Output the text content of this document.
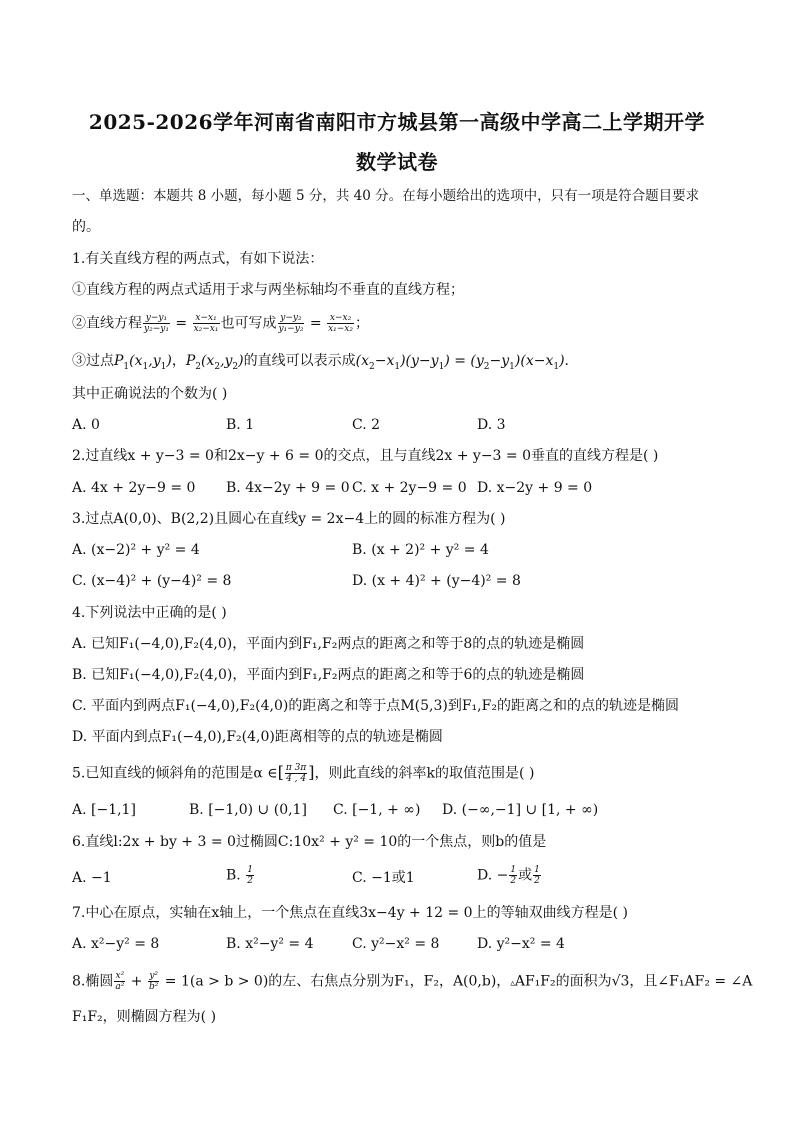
2025-2026学年河南省南阳市方城县第一高级中学高二上学期开学
数学试卷
一、单选题：本题共 8 小题，每小题 5 分，共 40 分。在每小题给出的选项中，只有一项是符合题目要求
的。
1.有关直线方程的两点式，有如下说法：
①直线方程的两点式适用于求与两坐标轴均不垂直的直线方程；
②直线方程 $\frac{\text{y−y₁}}{\text{y₂−y₁}} = \frac{\text{x−x₁}}{\text{x₂−x₁}}$ 也可写成 $\frac{\text{y−y₂}}{\text{y₁−y₂}} = \frac{\text{x−x₂}}{\text{x₁−x₂}}$ ；
③过点$P_1(x_1,y_1)$，$P_2(x_2,y_2)$的直线可以表示成$(x_2-x_1)(y-y_1) = (y_2-y_1)(x-x_1)$.
其中正确说法的个数为( )
A. 0	B. 1	C. 2	D. 3
2.过直线x + y−3 = 0和2x−y + 6 = 0的交点，且与直线2x + y−3 = 0垂直的直线方程是( )
A. 4x + 2y−9 = 0 B. 4x−2y + 9 = 0 C. x + 2y−9 = 0 D. x−2y + 9 = 0
3.过点A(0,0)、B(2,2)且圆心在直线y = 2x−4上的圆的标准方程为( )
A. (x−2)² + y² = 4	B. (x + 2)² + y² = 4
C. (x−4)² + (y−4)² = 8	D. (x + 4)² + (y−4)² = 8
4.下列说法中正确的是( )
A. 已知F₁(−4,0),F₂(4,0)，平面内到F₁,F₂两点的距离之和等于8的点的轨迹是椭圆
B. 已知F₁(−4,0),F₂(4,0)，平面内到F₁,F₂两点的距离之和等于6的点的轨迹是椭圆
C. 平面内到两点F₁(−4,0),F₂(4,0)的距离之和等于点M(5,3)到F₁,F₂的距离之和的点的轨迹是椭圆
D. 平面内到点F₁(−4,0),F₂(4,0)距离相等的点的轨迹是椭圆
5.已知直线的倾斜角的范围是α ∈[ $\frac{\pi 3\pi}{4 , 4}$ ]，则此直线的斜率k的取值范围是( )
A. [−1,1]	B. [−1,0) ∪ (0,1] C. [−1, + ∞) D. (−∞,−1] ∪ [1, + ∞)
6.直线l:2x + by + 3 = 0过椭圆C:10x² + y² = 10的一个焦点，则b的值是
A. −1	B. $\frac{1}{2}$	C. −1或1	D. − $\frac{1}{2}$ 或 $\frac{1}{2}$
7.中心在原点，实轴在x轴上，一个焦点在直线3x−4y + 12 = 0上的等轴双曲线方程是( )
A. x²−y² = 8	B. x²−y² = 4	C. y²−x² = 8	D. y²−x² = 4
8.椭圆 $\frac{\text{x²}}{\text{a²}} + \frac{\text{y²}}{\text{b²}} = 1(a > b > 0)$的左、右焦点分别为F₁，F₂，A(0,b)，▵AF₁F₂的面积为√3，且∠F₁AF₂ = ∠A
F₁F₂，则椭圆方程为( )
